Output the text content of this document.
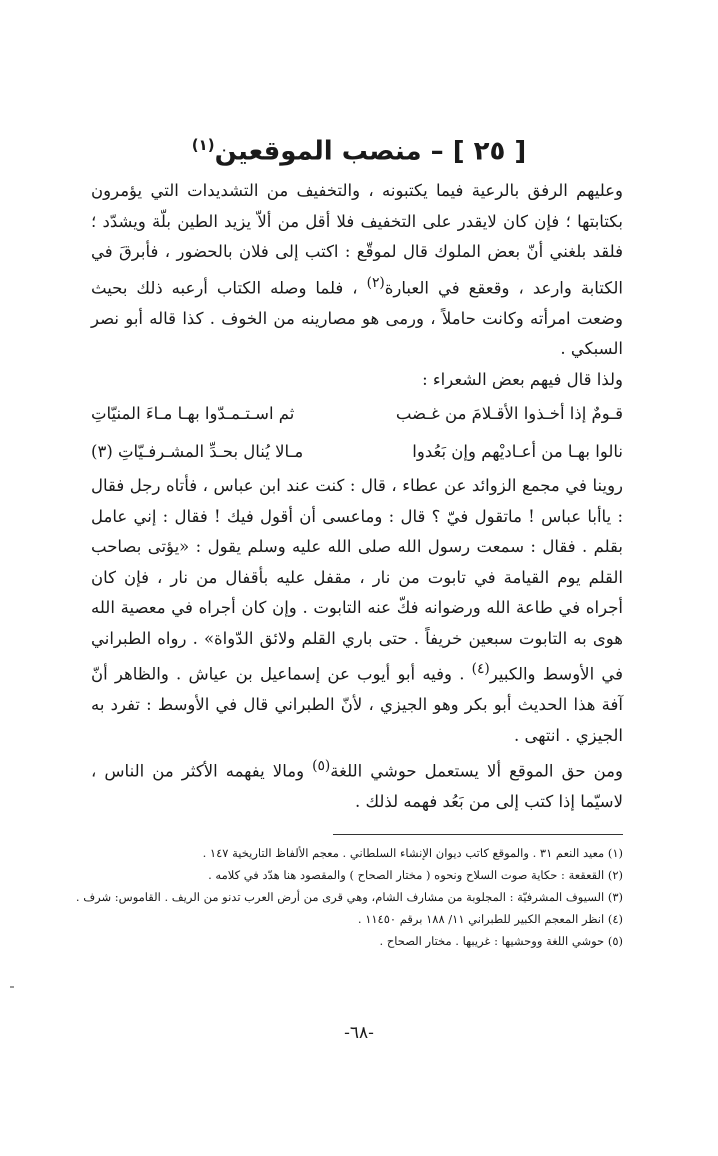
[ ٢٥ ] – منصب الموقعين$^{(١)}$

وعليهم الرفق بالرعية فيما يكتبونه ، والتخفيف من التشديدات التي يؤمرون بكتابتها ؛ فإن كان لايقدر على التخفيف فلا أقل من ألاّ يزيد الطين بلّة ويشدّد ؛ فلقد بلغني أنّ بعض الملوك قال لموقّع : اكتب إلى فلان بالحضور ، فأبرقَ في الكتابة وارعد ، وقعقع في العبارة$^{(٢)}$ ، فلما وصله الكتاب أرعبه ذلك بحيث وضعت امرأته وكانت حاملاً ، ورمى هو مصارينه من الخوف . كذا قاله أبو نصر السبكي .

ولذا قال فيهم بعض الشعراء :

قـومٌ إذا أخـذوا الأقـلامَ من غـضب
ثم اسـتـمـدّوا بهـا مـاءَ المنيّاتِ
نالوا بهـا من أعـاديْهم وإن بَعُدوا
مـالا يُنال بحـدِّ المشـرفـيّاتِ (٣)

روينا في مجمع الزوائد عن عطاء ، قال : كنت عند ابن عباس ، فأتاه رجل فقال : ياأبا عباس ! ماتقول فيّ ؟ قال : وماعسى أن أقول فيك ! فقال : إني عامل بقلم . فقال : سمعت رسول الله صلى الله عليه وسلم يقول : «يؤتى بصاحب القلم يوم القيامة في تابوت من نار ، مقفل عليه بأقفال من نار ، فإن كان أجراه في طاعة الله ورضوانه فكّ عنه التابوت . وإن كان أجراه في معصية الله هوى به التابوت سبعين خريفاً . حتى باري القلم ولائق الدّواة» . رواه الطبراني في الأوسط والكبير$^{(٤)}$ . وفيه أبو أيوب عن إسماعيل بن عياش . والظاهر أنّ آفة هذا الحديث أبو بكر وهو الجيزي ، لأنّ الطبراني قال في الأوسط : تفرد به الجيزي . انتهى .

ومن حق الموقع ألا يستعمل حوشي اللغة$^{(٥)}$ ومالا يفهمه الأكثر من الناس ، لاسيّما إذا كتب إلى من بَعُد فهمه لذلك .

(١) معيد النعم ٣١ . والموقع كاتب ديوان الإنشاء السلطاني . معجم الألفاظ التاريخية ١٤٧ .
(٢) القعقعة : حكاية صوت السلاح ونحوه ( مختار الصحاح ) والمقصود هنا هدّد في كلامه .
(٣) السيوف المشرفيّة : المجلوبة من مشارف الشام، وهي قرى من أرض العرب تدنو من الريف . القاموس: شرف .
(٤) انظر المعجم الكبير للطبراني ١١/ ١٨٨ برقم ١١٤٥٠ .
(٥) حوشي اللغة ووحشيها : غريبها . مختار الصحاح .
-٦٨-
